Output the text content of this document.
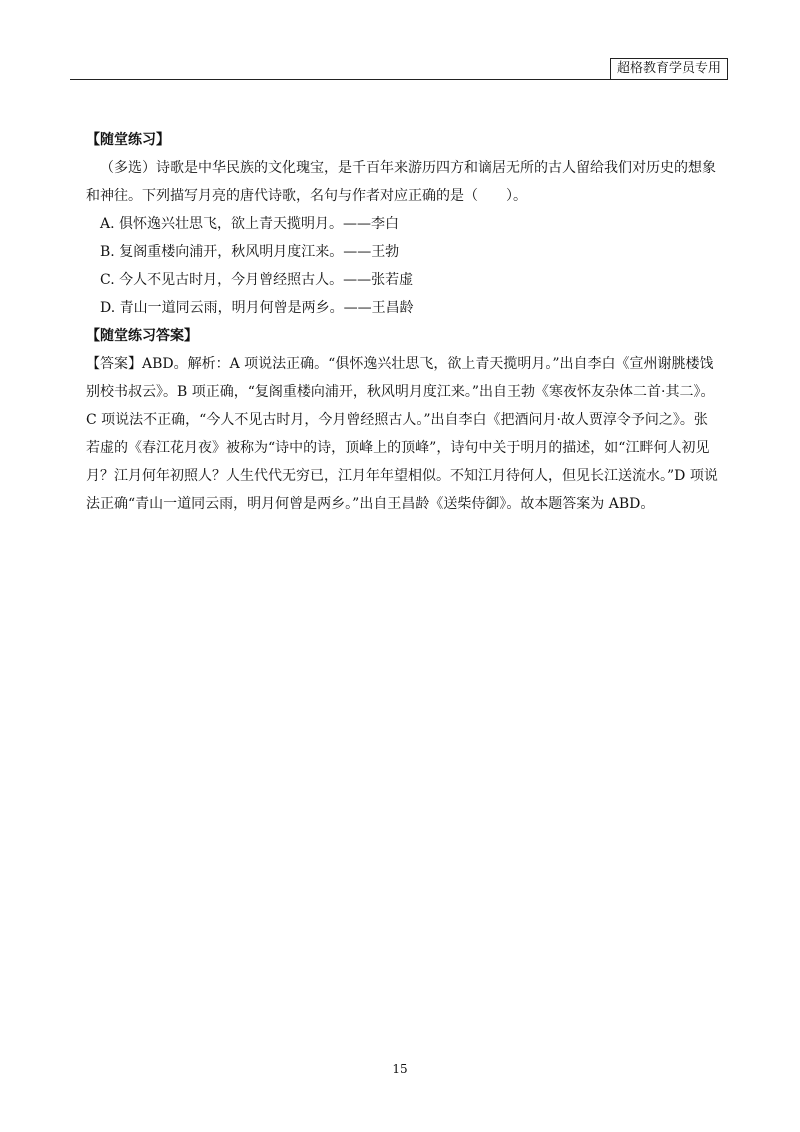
超格教育学员专用

【随堂练习】

（多选）诗歌是中华民族的文化瑰宝，是千百年来游历四方和谪居无所的古人留给我们对历史的想象和神往。下列描写月亮的唐代诗歌，名句与作者对应正确的是（　　）。

A. 俱怀逸兴壮思飞，欲上青天揽明月。——李白

B. 复阁重楼向浦开，秋风明月度江来。——王勃

C. 今人不见古时月，今月曾经照古人。——张若虚

D. 青山一道同云雨，明月何曾是两乡。——王昌龄

【随堂练习答案】

【答案】ABD。解析：A 项说法正确。“俱怀逸兴壮思飞，欲上青天揽明月。”出自李白《宣州谢朓楼饯别校书叔云》。B 项正确，“复阁重楼向浦开，秋风明月度江来。”出自王勃《寒夜怀友杂体二首·其二》。C 项说法不正确，“今人不见古时月，今月曾经照古人。”出自李白《把酒问月·故人贾淳令予问之》。张若虚的《春江花月夜》被称为“诗中的诗，顶峰上的顶峰”，诗句中关于明月的描述，如“江畔何人初见月？江月何年初照人？人生代代无穷已，江月年年望相似。不知江月待何人，但见长江送流水。”D 项说法正确“青山一道同云雨，明月何曾是两乡。”出自王昌龄《送柴侍御》。故本题答案为 ABD。

15
